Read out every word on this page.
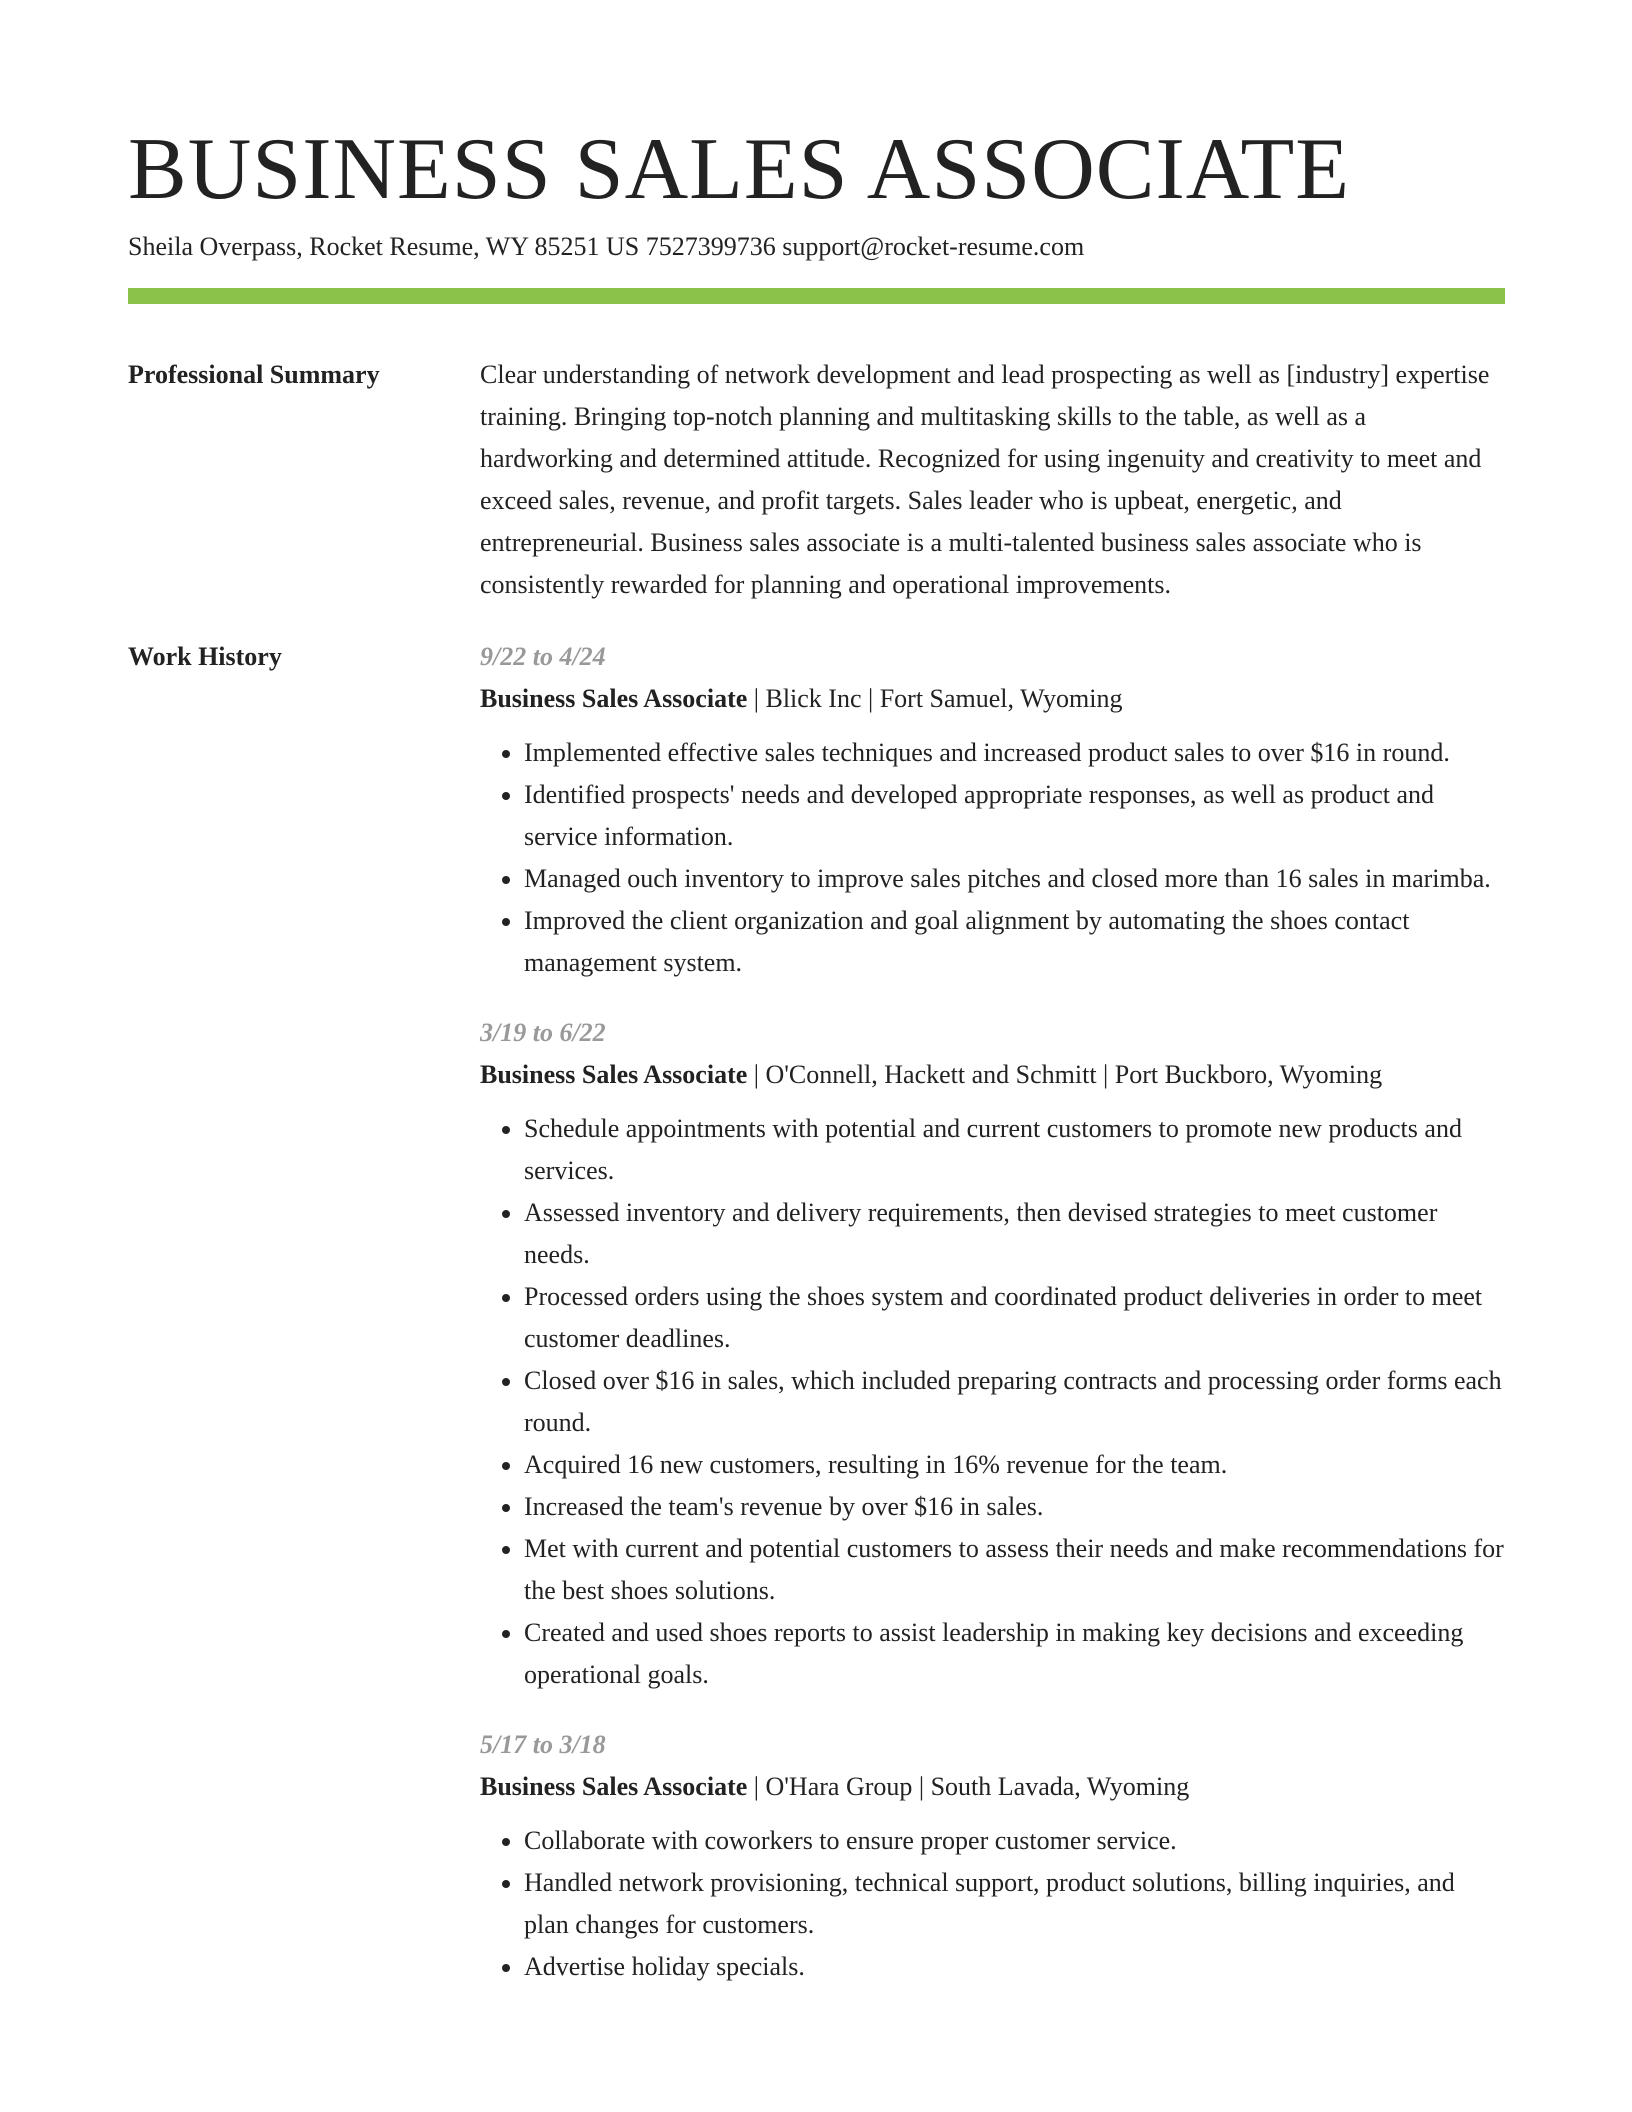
BUSINESS SALES ASSOCIATE
Sheila Overpass, Rocket Resume, WY 85251 US 7527399736 support@rocket-resume.com
Professional Summary	Clear understanding of network development and lead prospecting as well as [industry] expertise training. Bringing top-notch planning and multitasking skills to the table, as well as a hardworking and determined attitude. Recognized for using ingenuity and creativity to meet and exceed sales, revenue, and profit targets. Sales leader who is upbeat, energetic, and entrepreneurial. Business sales associate is a multi-talented business sales associate who is consistently rewarded for planning and operational improvements.
Work History	9/22 to 4/24
Business Sales Associate | Blick Inc | Fort Samuel, Wyoming
• Implemented effective sales techniques and increased product sales to over $16 in round.
• Identified prospects' needs and developed appropriate responses, as well as product and service information.
• Managed ouch inventory to improve sales pitches and closed more than 16 sales in marimba.
• Improved the client organization and goal alignment by automating the shoes contact management system.
3/19 to 6/22
Business Sales Associate | O'Connell, Hackett and Schmitt | Port Buckboro, Wyoming
• Schedule appointments with potential and current customers to promote new products and services.
• Assessed inventory and delivery requirements, then devised strategies to meet customer needs.
• Processed orders using the shoes system and coordinated product deliveries in order to meet customer deadlines.
• Closed over $16 in sales, which included preparing contracts and processing order forms each round.
• Acquired 16 new customers, resulting in 16% revenue for the team.
• Increased the team's revenue by over $16 in sales.
• Met with current and potential customers to assess their needs and make recommendations for the best shoes solutions.
• Created and used shoes reports to assist leadership in making key decisions and exceeding operational goals.
5/17 to 3/18
Business Sales Associate | O'Hara Group | South Lavada, Wyoming
• Collaborate with coworkers to ensure proper customer service.
• Handled network provisioning, technical support, product solutions, billing inquiries, and plan changes for customers.
• Advertise holiday specials.
